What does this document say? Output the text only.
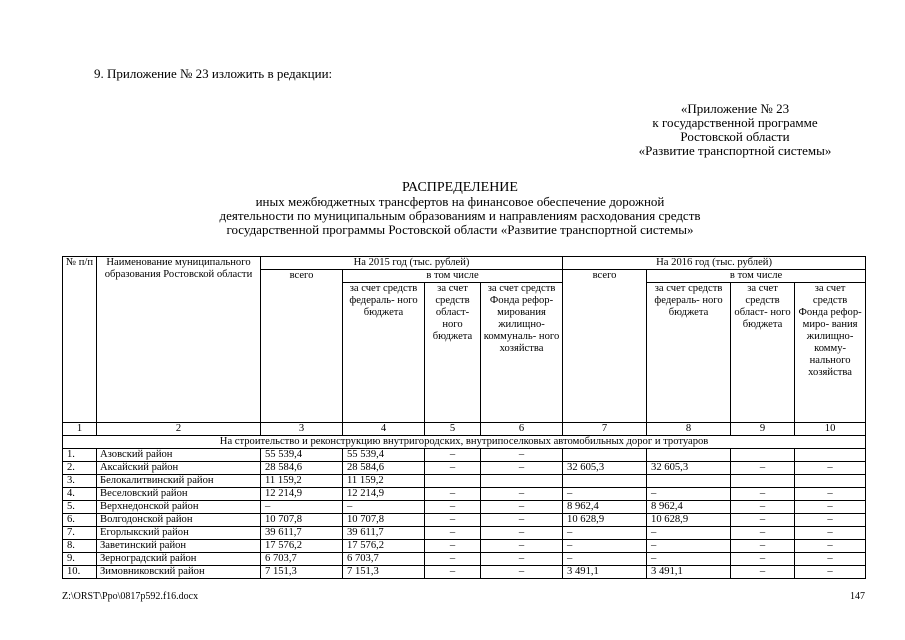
9. Приложение № 23 изложить в редакции:
«Приложение № 23
к государственной программе
Ростовской области
«Развитие транспортной системы»
РАСПРЕДЕЛЕНИЕ
иных межбюджетных трансфертов на финансовое обеспечение дорожной
деятельности по муниципальным образованиям и направлениям расходования средств
государственной программы Ростовской области «Развитие транспортной системы»
№ п/п	Наименование муниципального образования Ростовской области	На 2015 год (тыс. рублей)				На 2016 год (тыс. рублей)			
		всего	в том числе			всего	в том числе		
			за счет средств федераль- ного бюджета	за счет средств област- ного бюджета	за счет средств Фонда рефор- мирования жилищно- коммуналь- ного хозяйства		за счет средств федераль- ного бюджета	за счет средств област- ного бюджета	за счет средств Фонда рефор- миро- вания жилищно- комму- нального хозяйства
1	2	3	4	5	6	7	8	9	10
На строительство и реконструкцию внутригородских, внутрипоселковых автомобильных дорог и тротуаров									
1.	Азовский район	55 539,4	55 539,4	–	–				
2.	Аксайский район	28 584,6	28 584,6	–	–	32 605,3	32 605,3	–	–
3.	Белокалитвинский район	11 159,2	11 159,2						
4.	Веселовский район	12 214,9	12 214,9	–	–	–	–	–	–
5.	Верхнедонской район	–	–	–	–	8 962,4	8 962,4	–	–
6.	Волгодонской район	10 707,8	10 707,8	–	–	10 628,9	10 628,9	–	–
7.	Егорлыкский район	39 611,7	39 611,7	–	–	–	–	–	–
8.	Заветинский район	17 576,2	17 576,2	–	–	–	–	–	–
9.	Зерноградский район	6 703,7	6 703,7	–	–	–	–	–	–
10.	Зимовниковский район	7 151,3	7 151,3	–	–	3 491,1	3 491,1	–	–
Z:\ORST\Ppo\0817p592.f16.docx	147
